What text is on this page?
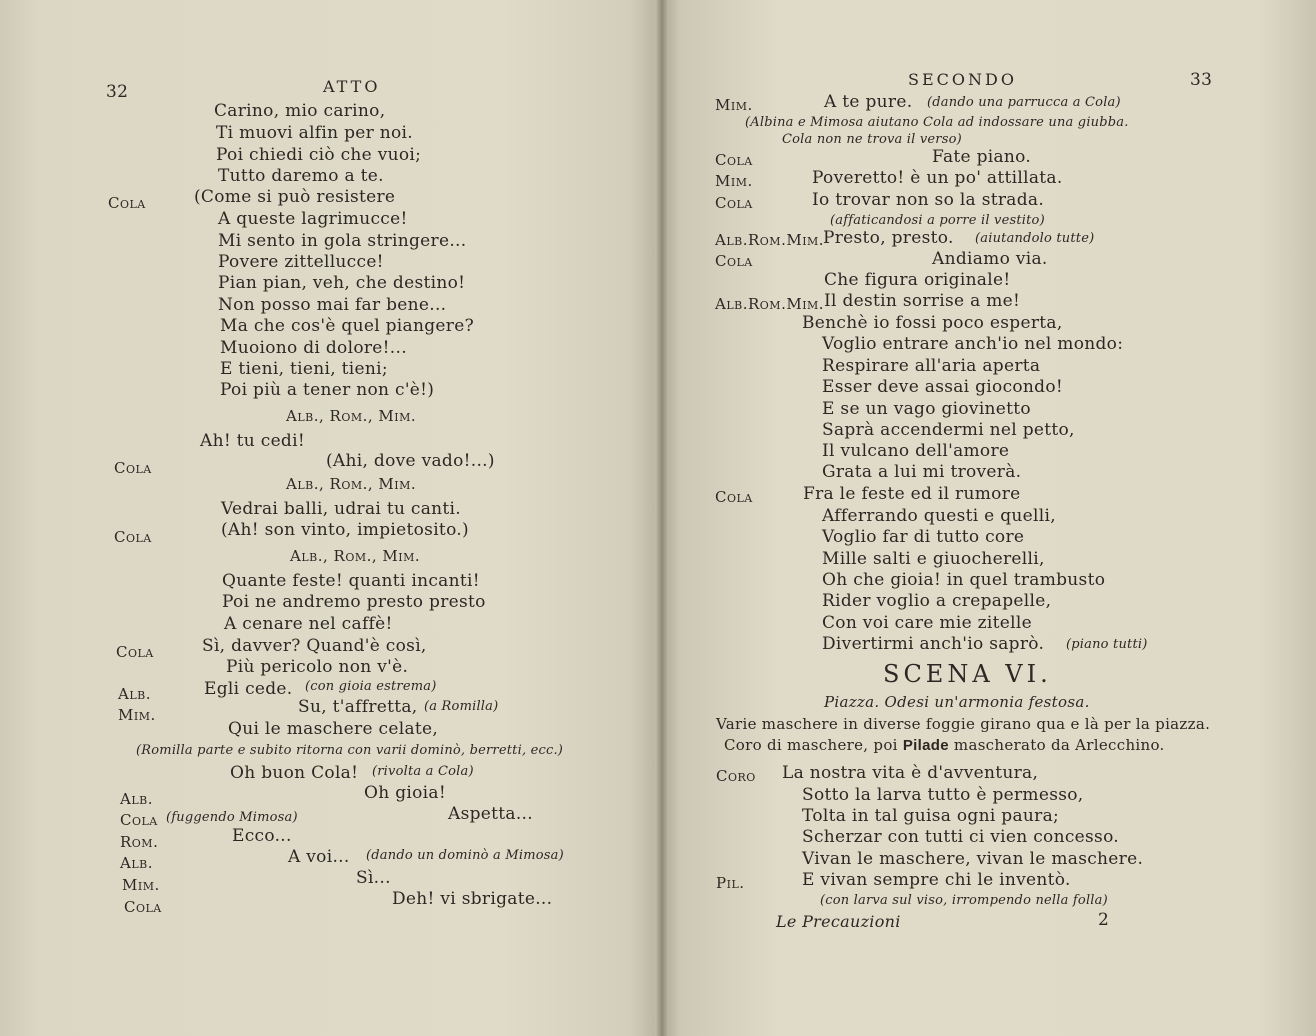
32	ATTO
Carino, mio carino,
Ti muovi alfin per noi.
Poi chiedi ciò che vuoi;
Tutto daremo a te.
Cola	(Come si può resistere
A queste lagrimucce!
Mi sento in gola stringere...
Povere zittellucce!
Pian pian, veh, che destino!
Non posso mai far bene...
Ma che cos'è quel piangere?
Muoiono di dolore!...
E tieni, tieni, tieni;
Poi più a tener non c'è!)
Alb., Rom., Mim.
Ah! tu cedi!
Cola	(Ahi, dove vado!...)
Alb., Rom., Mim.
Vedrai balli, udrai tu canti.
Cola	(Ah! son vinto, impietosito.)
Alb., Rom., Mim.
Quante feste! quanti incanti!
Poi ne andremo presto presto
A cenare nel caffè!
Cola	Sì, davver? Quand'è così,
Più pericolo non v'è.
Alb.	Egli cede. (con gioia estrema)
Mim.	Su, t'affretta, (a Romilla)
Qui le maschere celate,
(Romilla parte e subito ritorna con varii dominò, berretti, ecc.)
Oh buon Cola! (rivolta a Cola)
Alb.	Oh gioia!
Cola (fuggendo Mimosa)	Aspetta...
Rom.	Ecco...
Alb.	A voi... (dando un dominò a Mimosa)
Mim.	Sì...
Cola	Deh! vi sbrigate...
SECONDO	33
Mim.	A te pure. (dando una parrucca a Cola)
(Albina e Mimosa aiutano Cola ad indossare una giubba.
Cola non ne trova il verso)
Cola	Fate piano.
Mim.	Poveretto! è un po' attillata.
Cola	Io trovar non so la strada.
(affaticandosi a porre il vestito)
Alb.Rom.Mim.
Presto, presto. (aiutandolo tutte)
Cola	Andiamo via.
Che figura originale!
Alb.Rom.Mim. Il destin sorrise a me!
Benchè io fossi poco esperta,
Voglio entrare anch'io nel mondo:
Respirare all'aria aperta
Esser deve assai giocondo!
E se un vago giovinetto
Saprà accendermi nel petto,
Il vulcano dell'amore
Grata a lui mi troverà.
Cola	Fra le feste ed il rumore
Afferrando questi e quelli,
Voglio far di tutto core
Mille salti e giuocherelli,
Oh che gioia! in quel trambusto
Rider voglio a crepapelle,
Con voi care mie zitelle
Divertirmi anch'io saprò. (piano tutti)
SCENA VI.
Piazza. Odesi un'armonia festosa.
Varie maschere in diverse foggie girano qua e là per la piazza.
Coro di maschere, poi Pilade mascherato da Arlecchino.
Coro La nostra vita è d'avventura,
Sotto la larva tutto è permesso,
Tolta in tal guisa ogni paura;
Scherzar con tutti ci vien concesso.
Vivan le maschere, vivan le maschere.
Pil.	E vivan sempre chi le inventò.
(con larva sul viso, irrompendo nella folla)
Le Precauzioni	2
